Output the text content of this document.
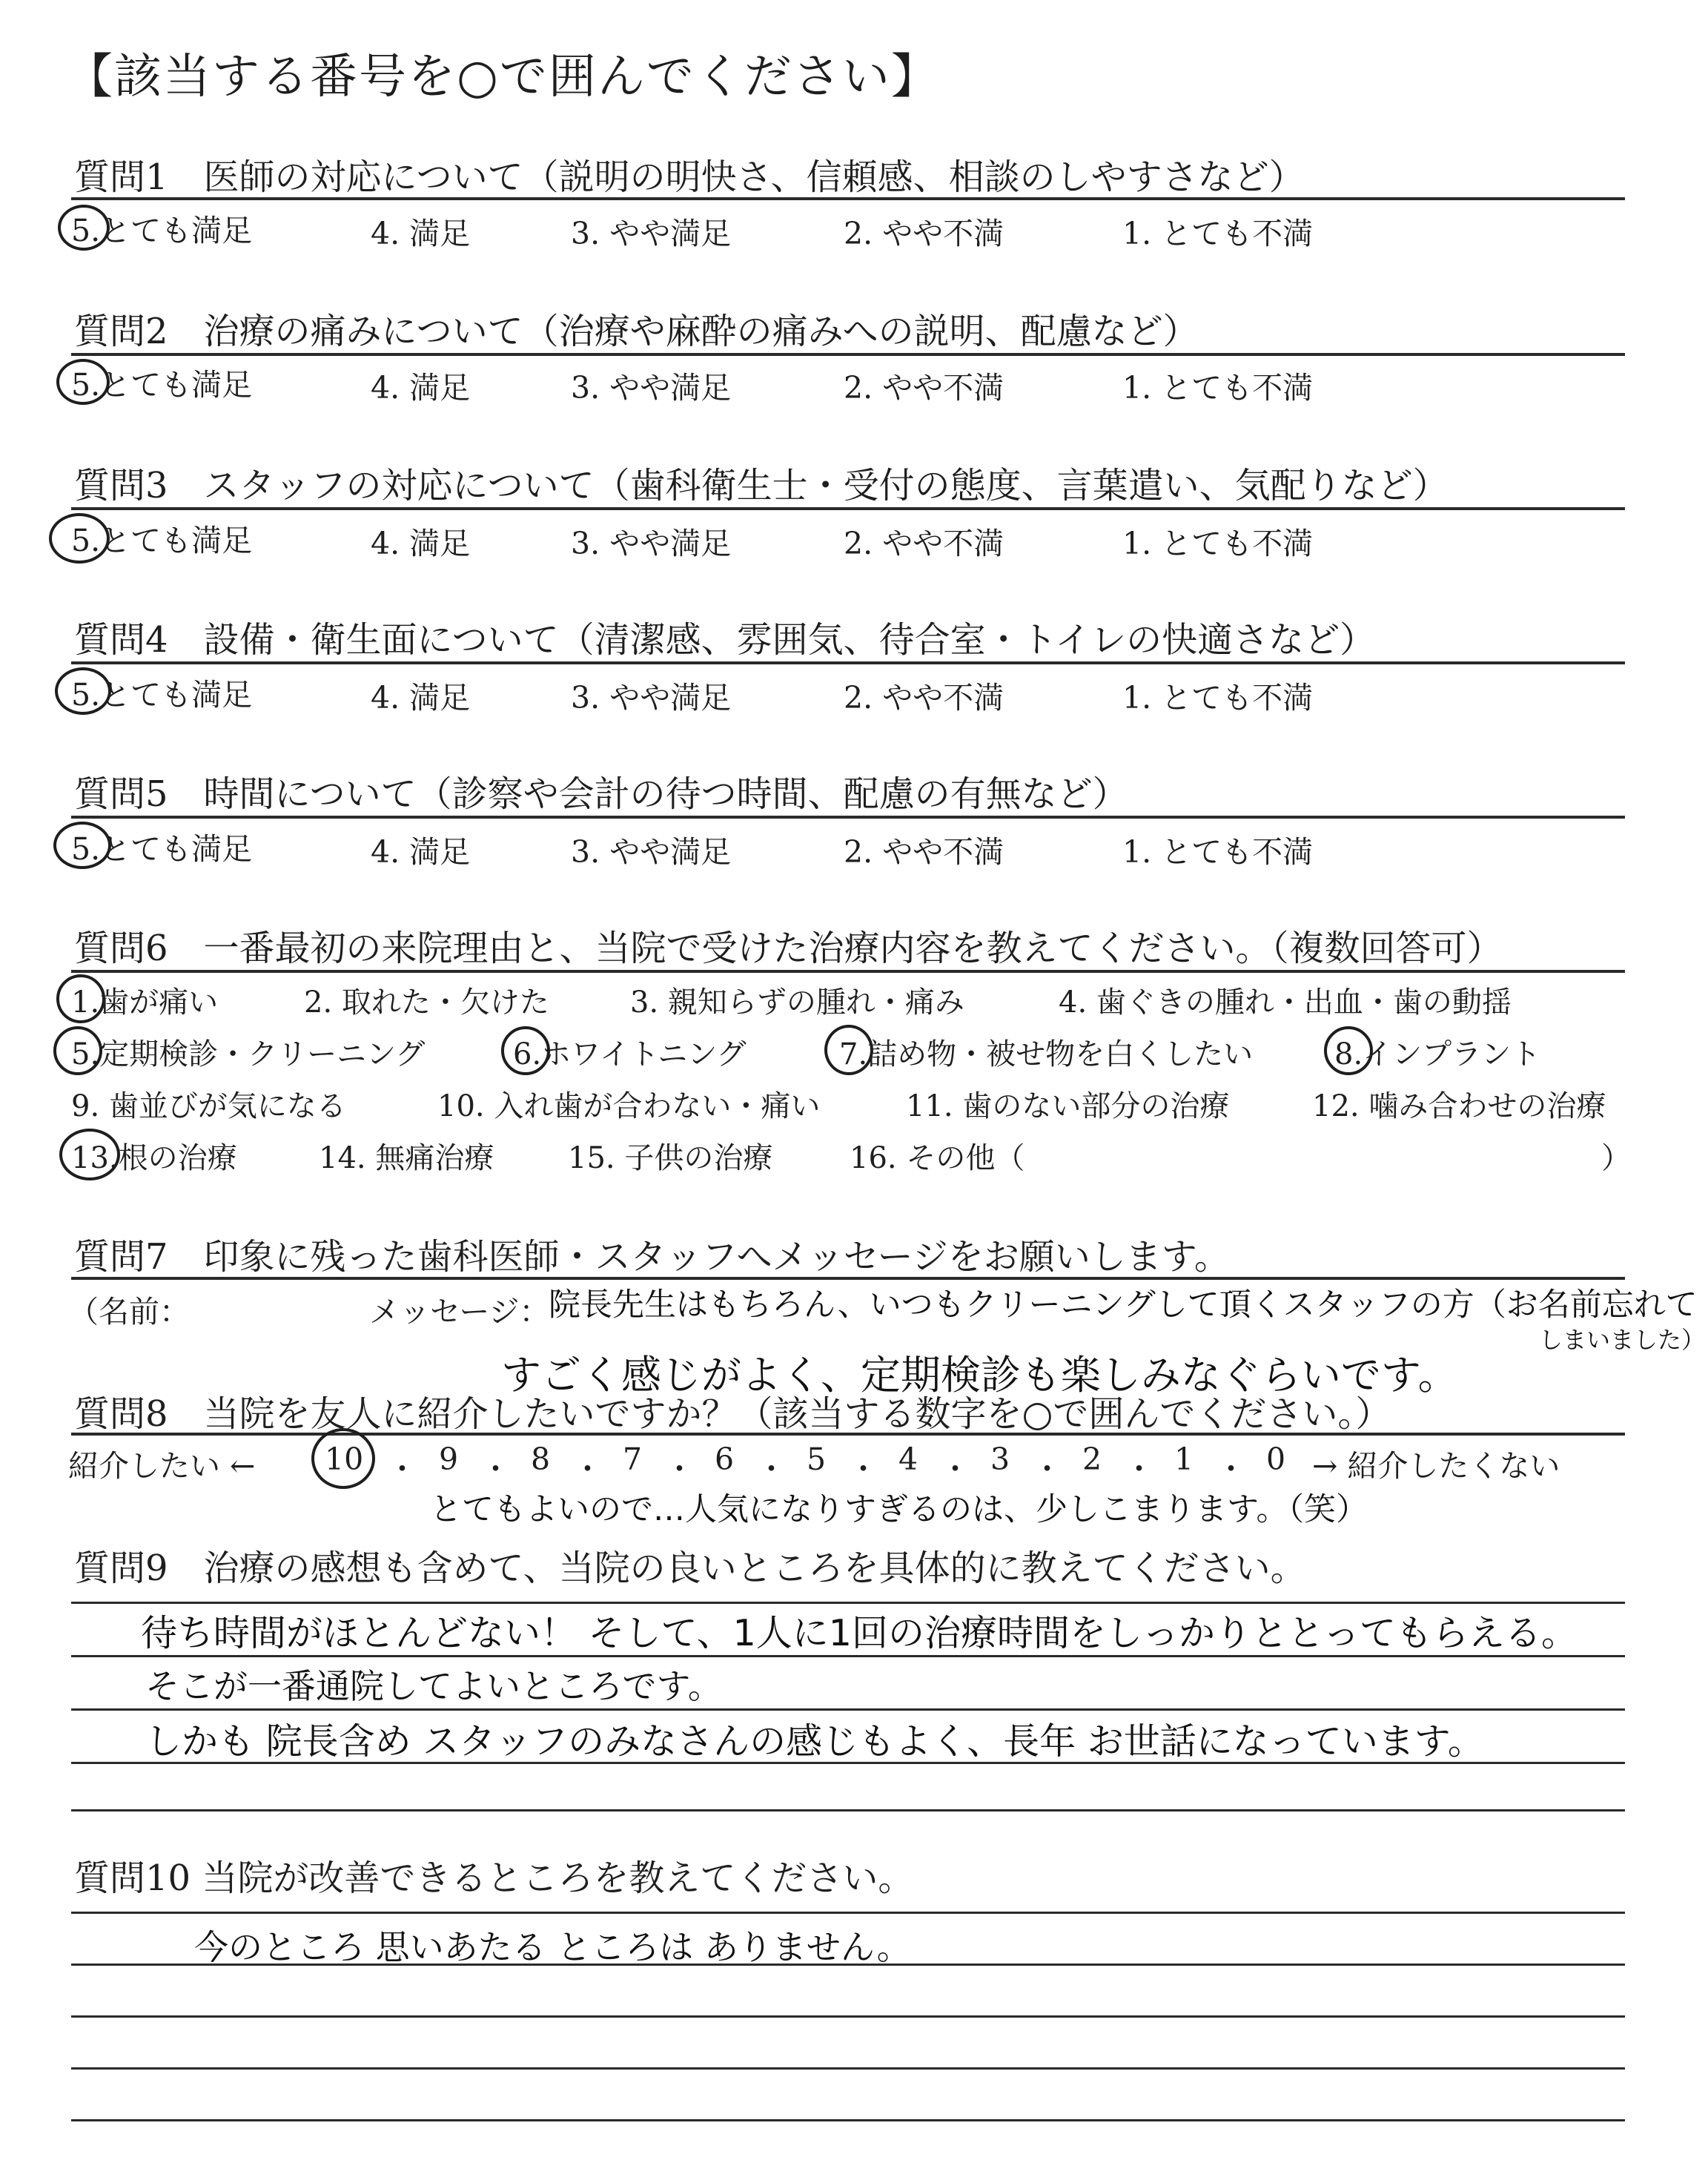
【該当する番号を○で囲んでください】
質問1　医師の対応について（説明の明快さ、信頼感、相談のしやすさなど）
5.とても満足	4. 満足	3. やや満足	2. やや不満	1. とても不満
質問2　治療の痛みについて（治療や麻酔の痛みへの説明、配慮など）
5.とても満足	4. 満足	3. やや満足	2. やや不満	1. とても不満
質問3　スタッフの対応について（歯科衛生士・受付の態度、言葉遣い、気配りなど）
5.とても満足	4. 満足	3. やや満足	2. やや不満	1. とても不満
質問4　設備・衛生面について（清潔感、雰囲気、待合室・トイレの快適さなど）
5.とても満足	4. 満足	3. やや満足	2. やや不満	1. とても不満
質問5　時間について（診察や会計の待つ時間、配慮の有無など）
5.とても満足	4. 満足	3. やや満足	2. やや不満	1. とても不満
質問6　一番最初の来院理由と、当院で受けた治療内容を教えてください。（複数回答可）
1.歯が痛い	2. 取れた・欠けた	3. 親知らずの腫れ・痛み	4. 歯ぐきの腫れ・出血・歯の動揺
5.定期検診・クリーニング	6.ホワイトニング	7.詰め物・被せ物を白くしたい	8.インプラント
9. 歯並びが気になる	10. 入れ歯が合わない・痛い	11. 歯のない部分の治療	12. 噛み合わせの治療
13.根の治療	14. 無痛治療 15. 子供の治療	16. その他（	）
質問7　印象に残った歯科医師・スタッフへメッセージをお願いします。
（名前：	メッセージ：
院長先生はもちろん、いつもクリーニングして頂くスタッフの方（お名前忘れて
しまいました）
すごく感じがよく、定期検診も楽しみなぐらいです。
質問8　当院を友人に紹介したいですか？（該当する数字を○で囲んでください。）
紹介したい ← 10 ・ 9 ・ 8 ・ 7 ・ 6 ・ 5 ・ 4 ・ 3 ・ 2 ・ 1 ・ 0 → 紹介したくない
とてもよいので…人気になりすぎるのは、少しこまります。（笑）
質問9　治療の感想も含めて、当院の良いところを具体的に教えてください。
待ち時間がほとんどない！ そして、1人に1回の治療時間をしっかりととってもらえる。
そこが一番通院してよいところです。
しかも 院長含め スタッフのみなさんの感じもよく、長年 お世話になっています。
質問10 当院が改善できるところを教えてください。
今のところ 思いあたる ところは ありません。
